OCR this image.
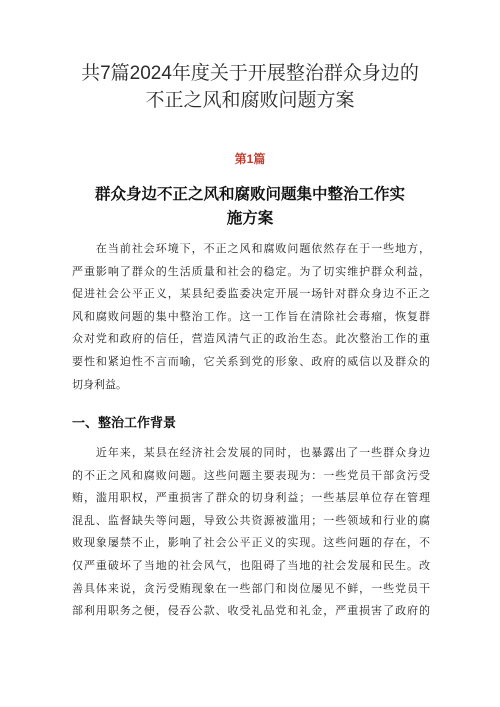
共7篇2024年度关于开展整治群众身边的
不正之风和腐败问题方案
第1篇
群众身边不正之风和腐败问题集中整治工作实
施方案
　　在当前社会环境下，不正之风和腐败问题依然存在于一些地方，
严重影响了群众的生活质量和社会的稳定。为了切实维护群众利益，
促进社会公平正义，某县纪委监委决定开展一场针对群众身边不正之
风和腐败问题的集中整治工作。这一工作旨在清除社会毒瘤，恢复群
众对党和政府的信任，营造风清气正的政治生态。此次整治工作的重
要性和紧迫性不言而喻，它关系到党的形象、政府的威信以及群众的
切身利益。
一、整治工作背景
　　近年来，某县在经济社会发展的同时，也暴露出了一些群众身边
的不正之风和腐败问题。这些问题主要表现为：一些党员干部贪污受
贿，滥用职权，严重损害了群众的切身利益；一些基层单位存在管理
混乱、监督缺失等问题，导致公共资源被滥用；一些领域和行业的腐
败现象屡禁不止，影响了社会公平正义的实现。这些问题的存在，不
仅严重破坏了当地的社会风气，也阻碍了当地的社会发展和民生。改
善具体来说，贪污受贿现象在一些部门和岗位屡见不鲜，一些党员干
部利用职务之便，侵吞公款、收受礼品党和礼金，严重损害了政府的
